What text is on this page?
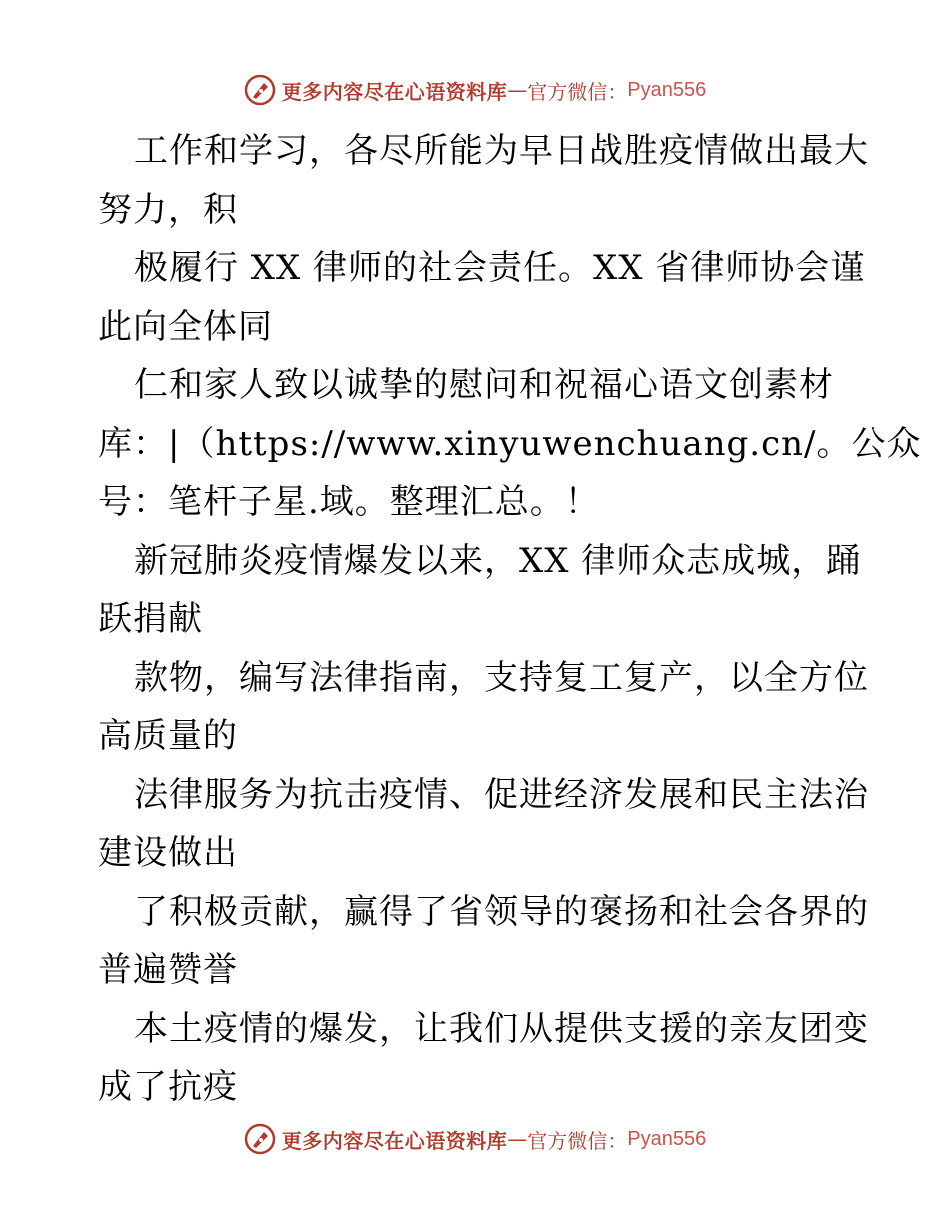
更多内容尽在心语资料库 — 官方微信： Pyan556
工作和学习，各尽所能为早日战胜疫情做出最大
努力，积
极履行 XX 律师的社会责任。XX 省律师协会谨
此向全体同
仁和家人致以诚挚的慰问和祝福心语文创素材
库：|（https://www.xinyuwenchuang.cn/。公众
号：笔杆子星.域。整理汇总。！
新冠肺炎疫情爆发以来，XX 律师众志成城，踊
跃捐献
款物，编写法律指南，支持复工复产，以全方位
高质量的
法律服务为抗击疫情、促进经济发展和民主法治
建设做出
了积极贡献，赢得了省领导的褒扬和社会各界的
普遍赞誉
本土疫情的爆发，让我们从提供支援的亲友团变
成了抗疫
更多内容尽在心语资料库 — 官方微信： Pyan556
